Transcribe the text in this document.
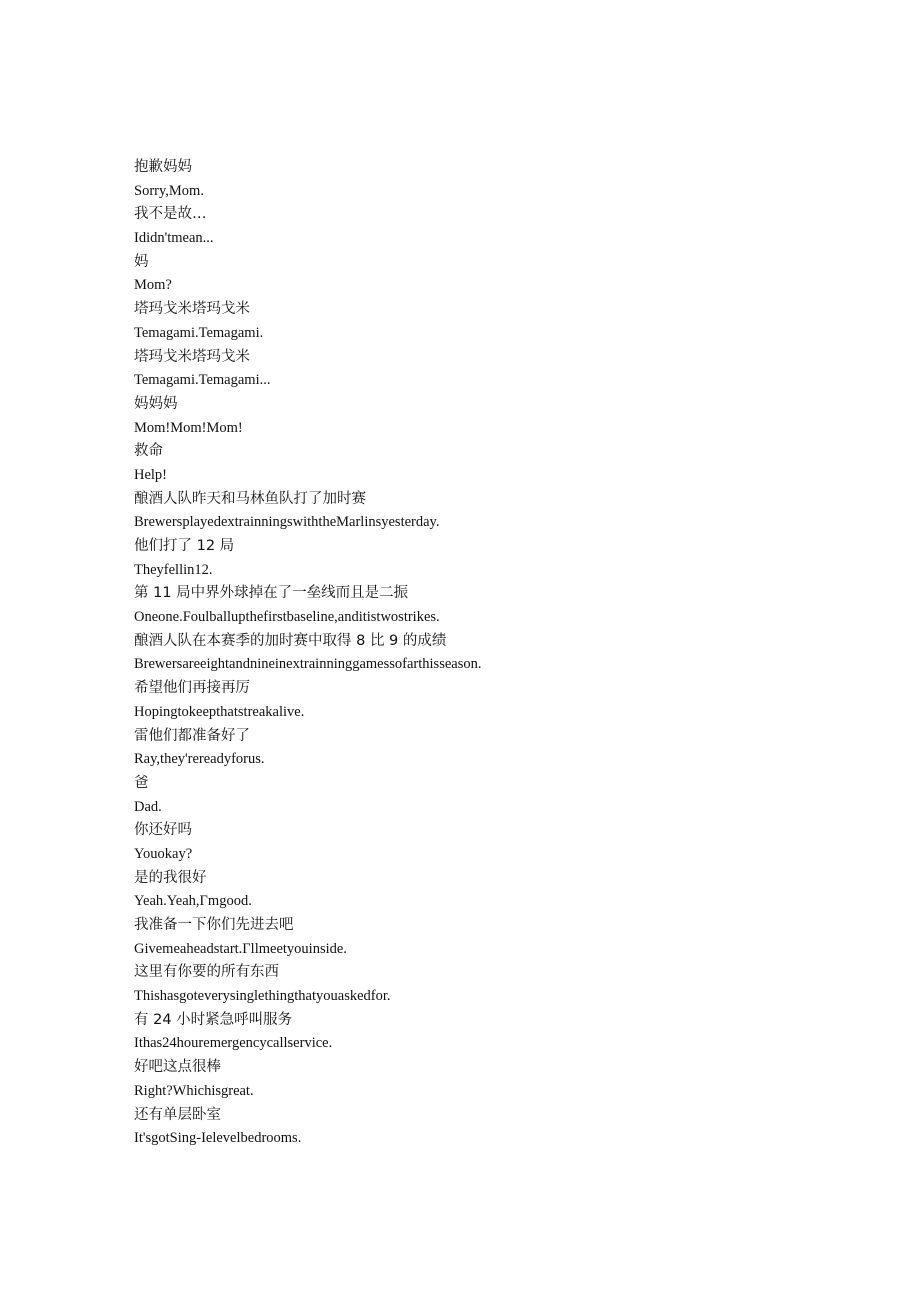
抱歉妈妈
Sorry,Mom.
我不是故…
Ididn'tmean...
妈
Mom?
塔玛戈米塔玛戈米
Temagami.Temagami.
塔玛戈米塔玛戈米
Temagami.Temagami...
妈妈妈
Mom!Mom!Mom!
救命
Help!
酿酒人队昨天和马林鱼队打了加时赛
BrewersplayedextrainningswiththeMarlinsyesterday.
他们打了 12 局
Theyfellin12.
第 11 局中界外球掉在了一垒线而且是二振
Oneone.Foulballupthefirstbaseline,anditistwostrikes.
酿酒人队在本赛季的加时赛中取得 8 比 9 的成绩
Brewersareeightandnineinextrainninggamessofarthisseason.
希望他们再接再厉
Hopingtokeepthatstreakalive.
雷他们都准备好了
Ray,they'rereadyforus.
爸
Dad.
你还好吗
Youokay?
是的我很好
Yeah.Yeah,Γmgood.
我准备一下你们先进去吧
Givemeaheadstart.Γllmeetyouinside.
这里有你要的所有东西
Thishasgoteverysinglethingthatyouaskedfor.
有 24 小时紧急呼叫服务
Ithas24houremergencycallservice.
好吧这点很棒
Right?Whichisgreat.
还有单层卧室
It'sgotSing-Ielevelbedrooms.
